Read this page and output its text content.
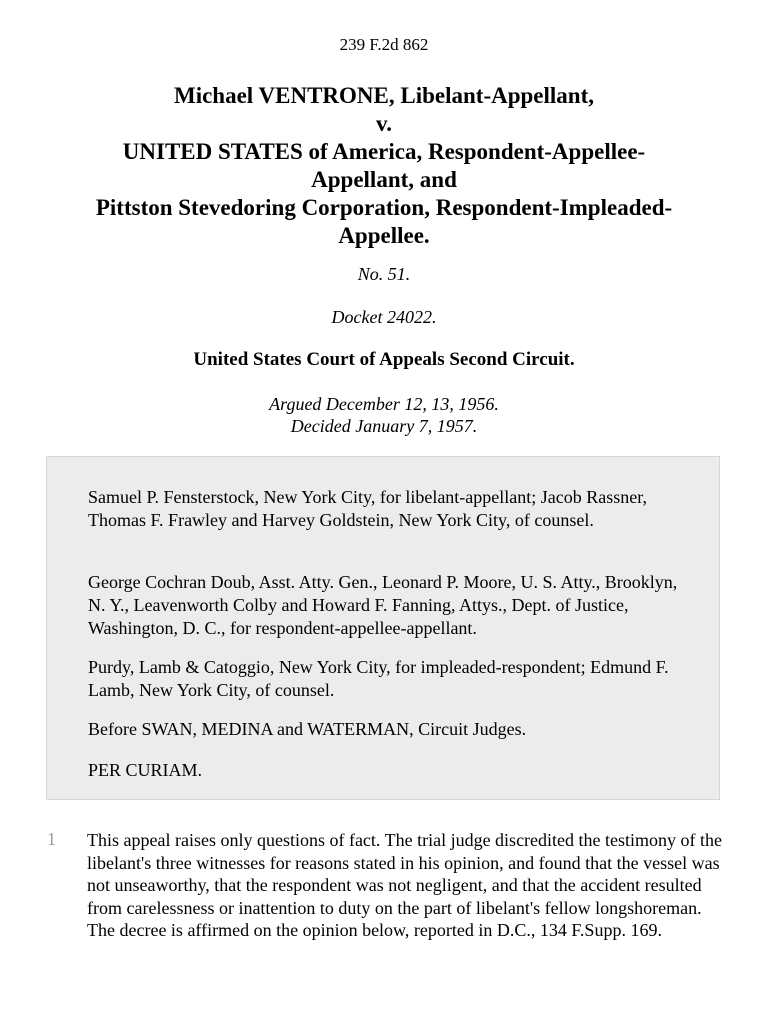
239 F.2d 862
Michael VENTRONE, Libelant-Appellant,
v.
UNITED STATES of America, Respondent-Appellee-
Appellant, and
Pittston Stevedoring Corporation, Respondent-Impleaded-
Appellee.
No. 51.
Docket 24022.
United States Court of Appeals Second Circuit.
Argued December 12, 13, 1956.
Decided January 7, 1957.

Samuel P. Fensterstock, New York City, for libelant-appellant; Jacob Rassner, Thomas F. Frawley and Harvey Goldstein, New York City, of counsel.

George Cochran Doub, Asst. Atty. Gen., Leonard P. Moore, U. S. Atty., Brooklyn, N. Y., Leavenworth Colby and Howard F. Fanning, Attys., Dept. of Justice, Washington, D. C., for respondent-appellee-appellant.

Purdy, Lamb & Catoggio, New York City, for impleaded-respondent; Edmund F. Lamb, New York City, of counsel.

Before SWAN, MEDINA and WATERMAN, Circuit Judges.

PER CURIAM.

1 This appeal raises only questions of fact. The trial judge discredited the testimony of the libelant's three witnesses for reasons stated in his opinion, and found that the vessel was not unseaworthy, that the respondent was not negligent, and that the accident resulted from carelessness or inattention to duty on the part of libelant's fellow longshoreman. The decree is affirmed on the opinion below, reported in D.C., 134 F.Supp. 169.
